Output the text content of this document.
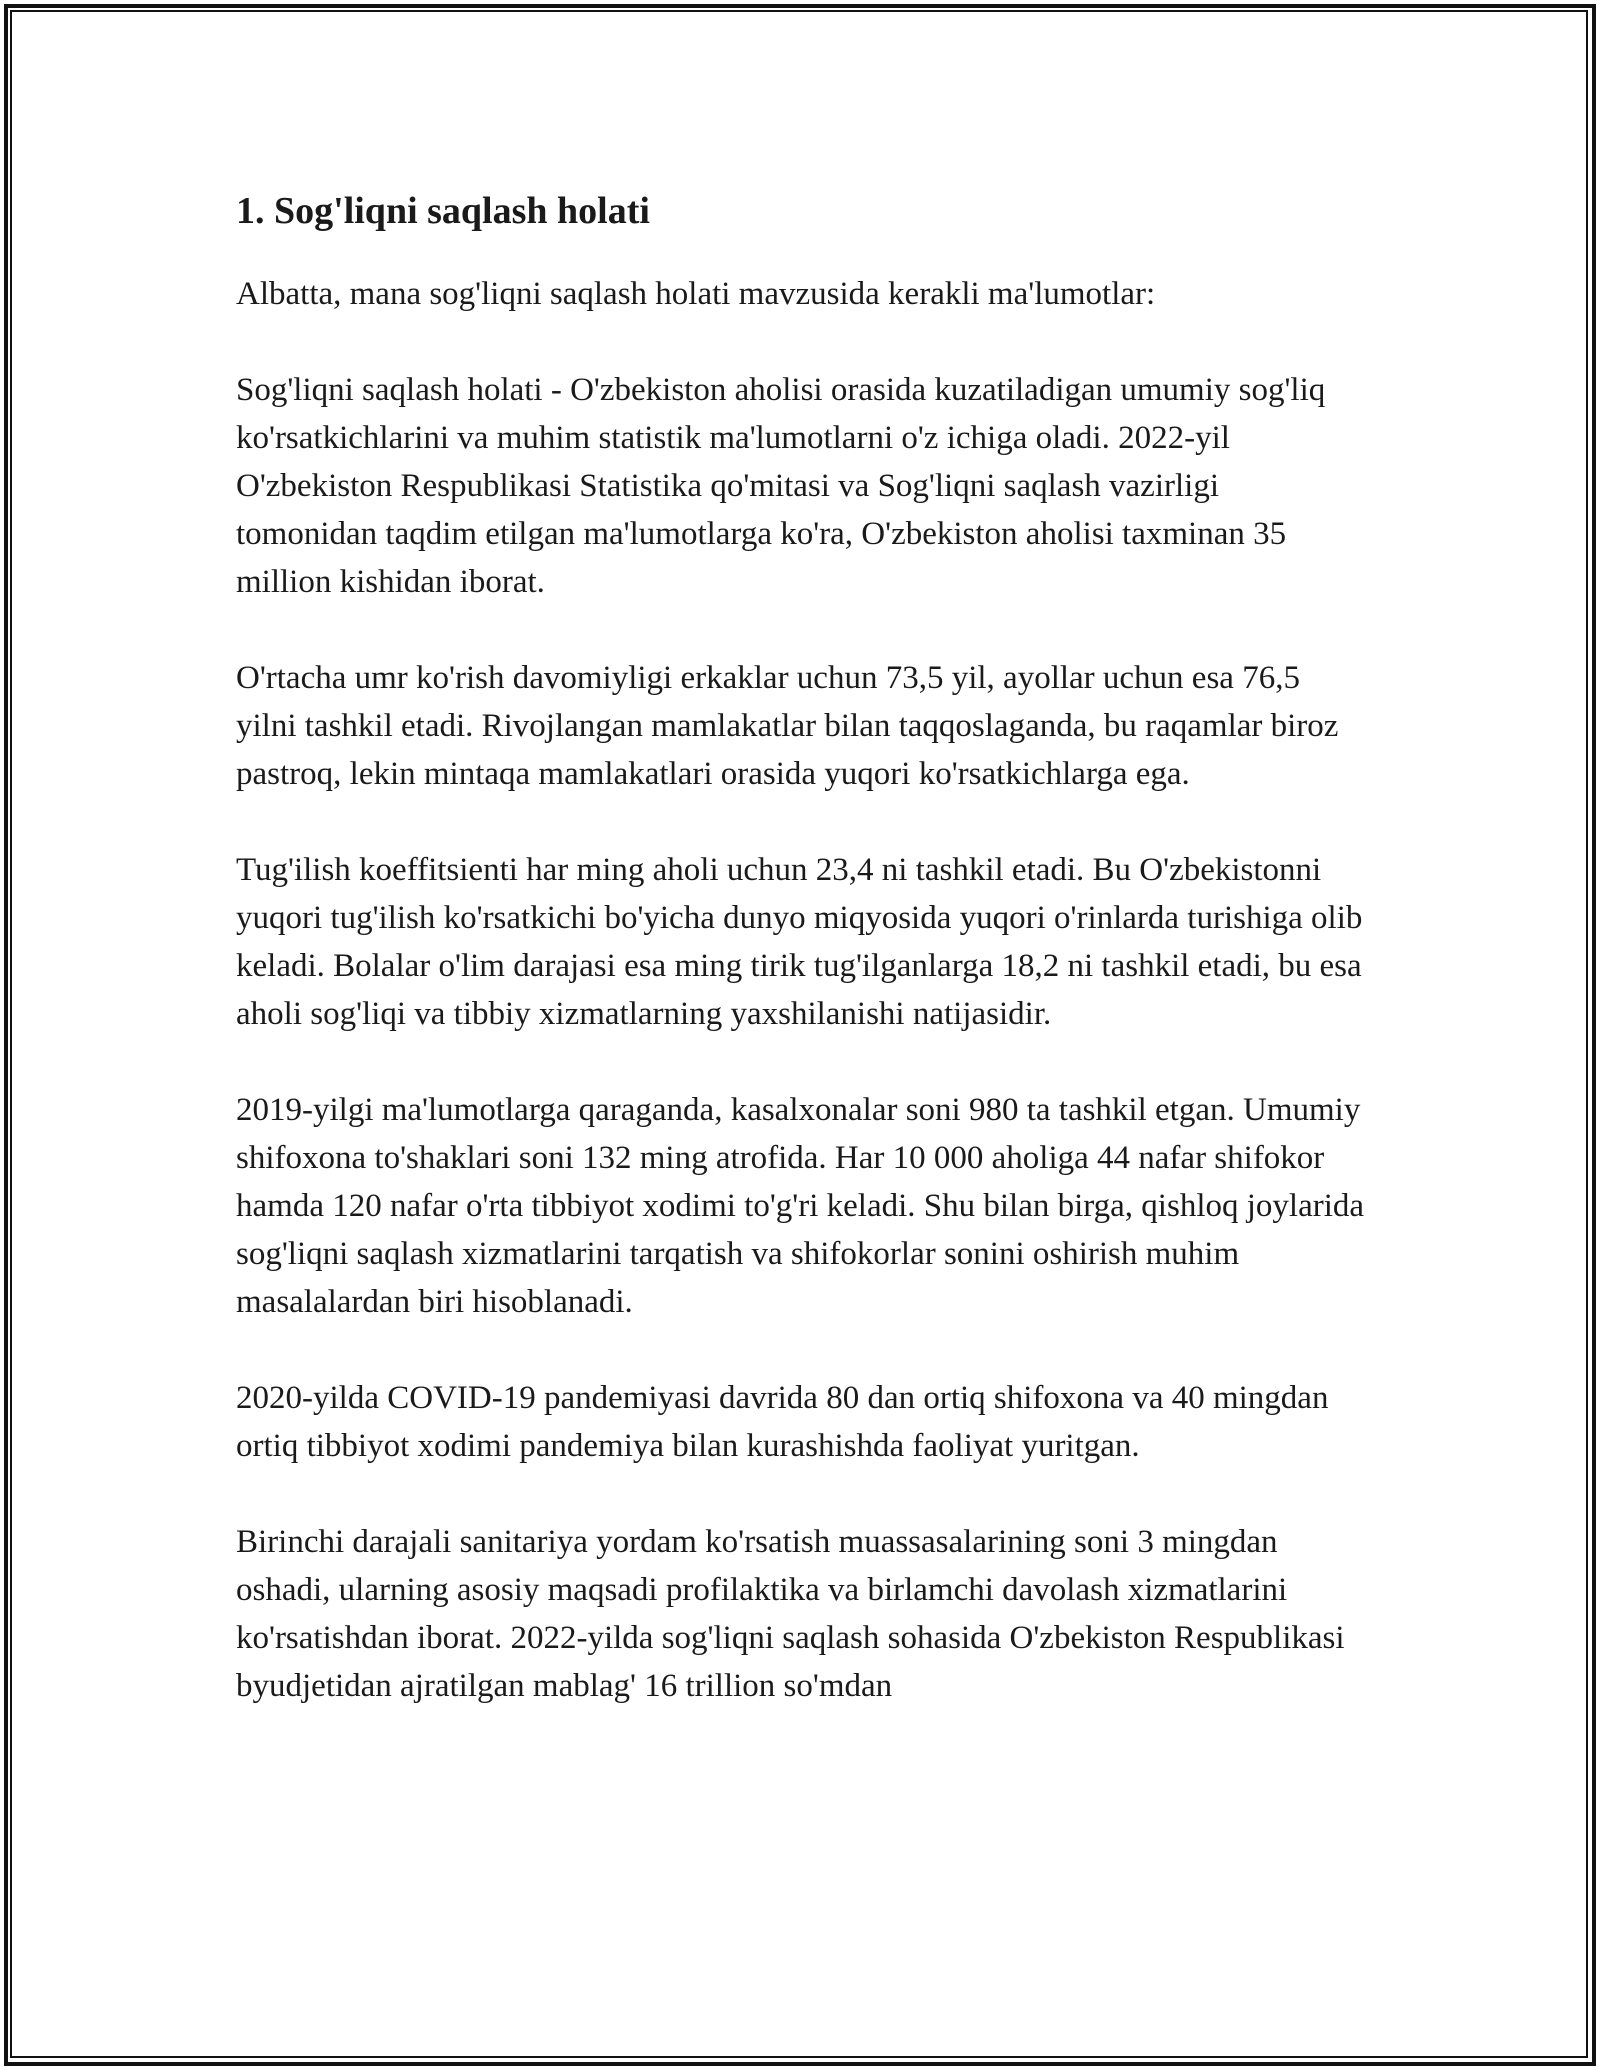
1. Sog'liqni saqlash holati

Albatta, mana sog'liqni saqlash holati mavzusida kerakli ma'lumotlar:

Sog'liqni saqlash holati - O'zbekiston aholisi orasida kuzatiladigan umumiy sog'liq ko'rsatkichlarini va muhim statistik ma'lumotlarni o'z ichiga oladi. 2022-yil O'zbekiston Respublikasi Statistika qo'mitasi va Sog'liqni saqlash vazirligi tomonidan taqdim etilgan ma'lumotlarga ko'ra, O'zbekiston aholisi taxminan 35 million kishidan iborat.

O'rtacha umr ko'rish davomiyligi erkaklar uchun 73,5 yil, ayollar uchun esa 76,5 yilni tashkil etadi. Rivojlangan mamlakatlar bilan taqqoslaganda, bu raqamlar biroz pastroq, lekin mintaqa mamlakatlari orasida yuqori ko'rsatkichlarga ega.

Tug'ilish koeffitsienti har ming aholi uchun 23,4 ni tashkil etadi. Bu O'zbekistonni yuqori tug'ilish ko'rsatkichi bo'yicha dunyo miqyosida yuqori o'rinlarda turishiga olib keladi. Bolalar o'lim darajasi esa ming tirik tug'ilganlarga 18,2 ni tashkil etadi, bu esa aholi sog'liqi va tibbiy xizmatlarning yaxshilanishi natijasidir.

2019-yilgi ma'lumotlarga qaraganda, kasalxonalar soni 980 ta tashkil etgan. Umumiy shifoxona to'shaklari soni 132 ming atrofida. Har 10 000 aholiga 44 nafar shifokor hamda 120 nafar o'rta tibbiyot xodimi to'g'ri keladi. Shu bilan birga, qishloq joylarida sog'liqni saqlash xizmatlarini tarqatish va shifokorlar sonini oshirish muhim masalalardan biri hisoblanadi.

2020-yilda COVID-19 pandemiyasi davrida 80 dan ortiq shifoxona va 40 mingdan ortiq tibbiyot xodimi pandemiya bilan kurashishda faoliyat yuritgan.

Birinchi darajali sanitariya yordam ko'rsatish muassasalarining soni 3 mingdan oshadi, ularning asosiy maqsadi profilaktika va birlamchi davolash xizmatlarini ko'rsatishdan iborat. 2022-yilda sog'liqni saqlash sohasida O'zbekiston Respublikasi byudjetidan ajratilgan mablag' 16 trillion so'mdan
